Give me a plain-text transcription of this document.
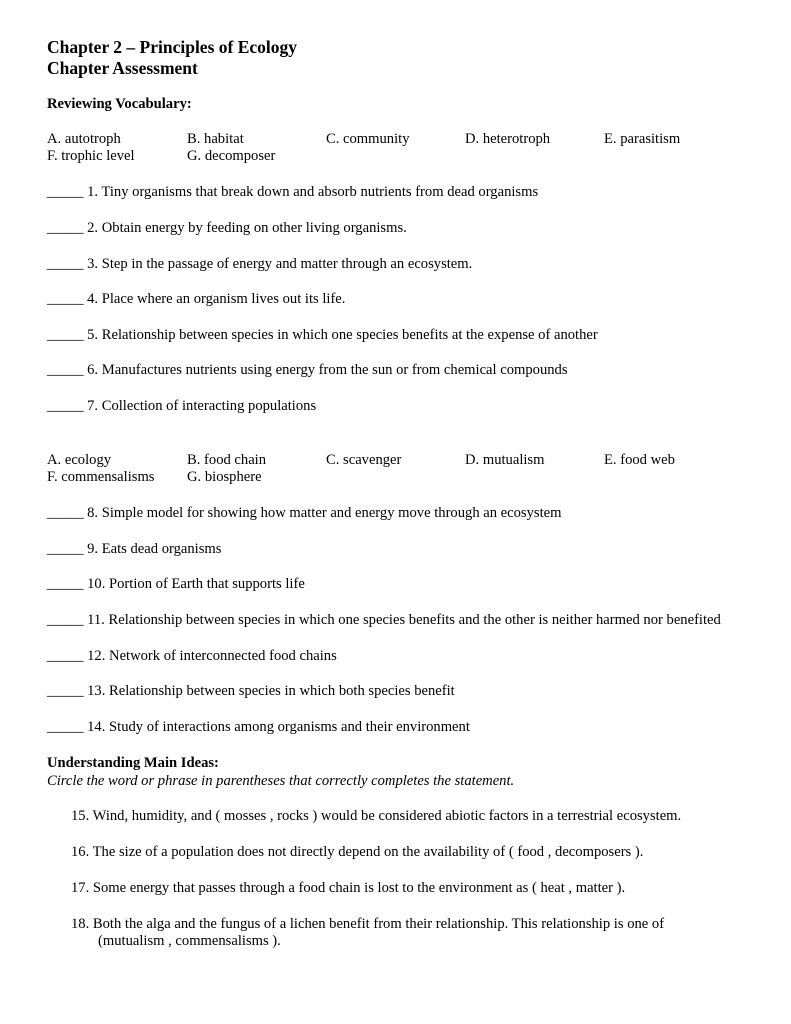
Chapter 2 – Principles of Ecology
Chapter Assessment
Reviewing Vocabulary:
A. autotroph	B. habitat	C. community	D. heterotroph	E. parasitism
F. trophic level	G. decomposer
_____ 1. Tiny organisms that break down and absorb nutrients from dead organisms
_____ 2. Obtain energy by feeding on other living organisms.
_____ 3. Step in the passage of energy and matter through an ecosystem.
_____ 4. Place where an organism lives out its life.
_____ 5. Relationship between species in which one species benefits at the expense of another
_____ 6. Manufactures nutrients using energy from the sun or from chemical compounds
_____ 7. Collection of interacting populations
A. ecology	B. food chain	C. scavenger	D. mutualism	E. food web
F. commensalisms G. biosphere
_____ 8. Simple model for showing how matter and energy move through an ecosystem
_____ 9. Eats dead organisms
_____ 10. Portion of Earth that supports life
_____ 11. Relationship between species in which one species benefits and the other is neither harmed nor benefited
_____ 12. Network of interconnected food chains
_____ 13. Relationship between species in which both species benefit
_____ 14. Study of interactions among organisms and their environment
Understanding Main Ideas:
Circle the word or phrase in parentheses that correctly completes the statement.
15. Wind, humidity, and ( mosses , rocks ) would be considered abiotic factors in a terrestrial ecosystem.
16. The size of a population does not directly depend on the availability of ( food , decomposers ).
17. Some energy that passes through a food chain is lost to the environment as ( heat , matter ).
18. Both the alga and the fungus of a lichen benefit from their relationship. This relationship is one of
(mutualism , commensalisms ).
